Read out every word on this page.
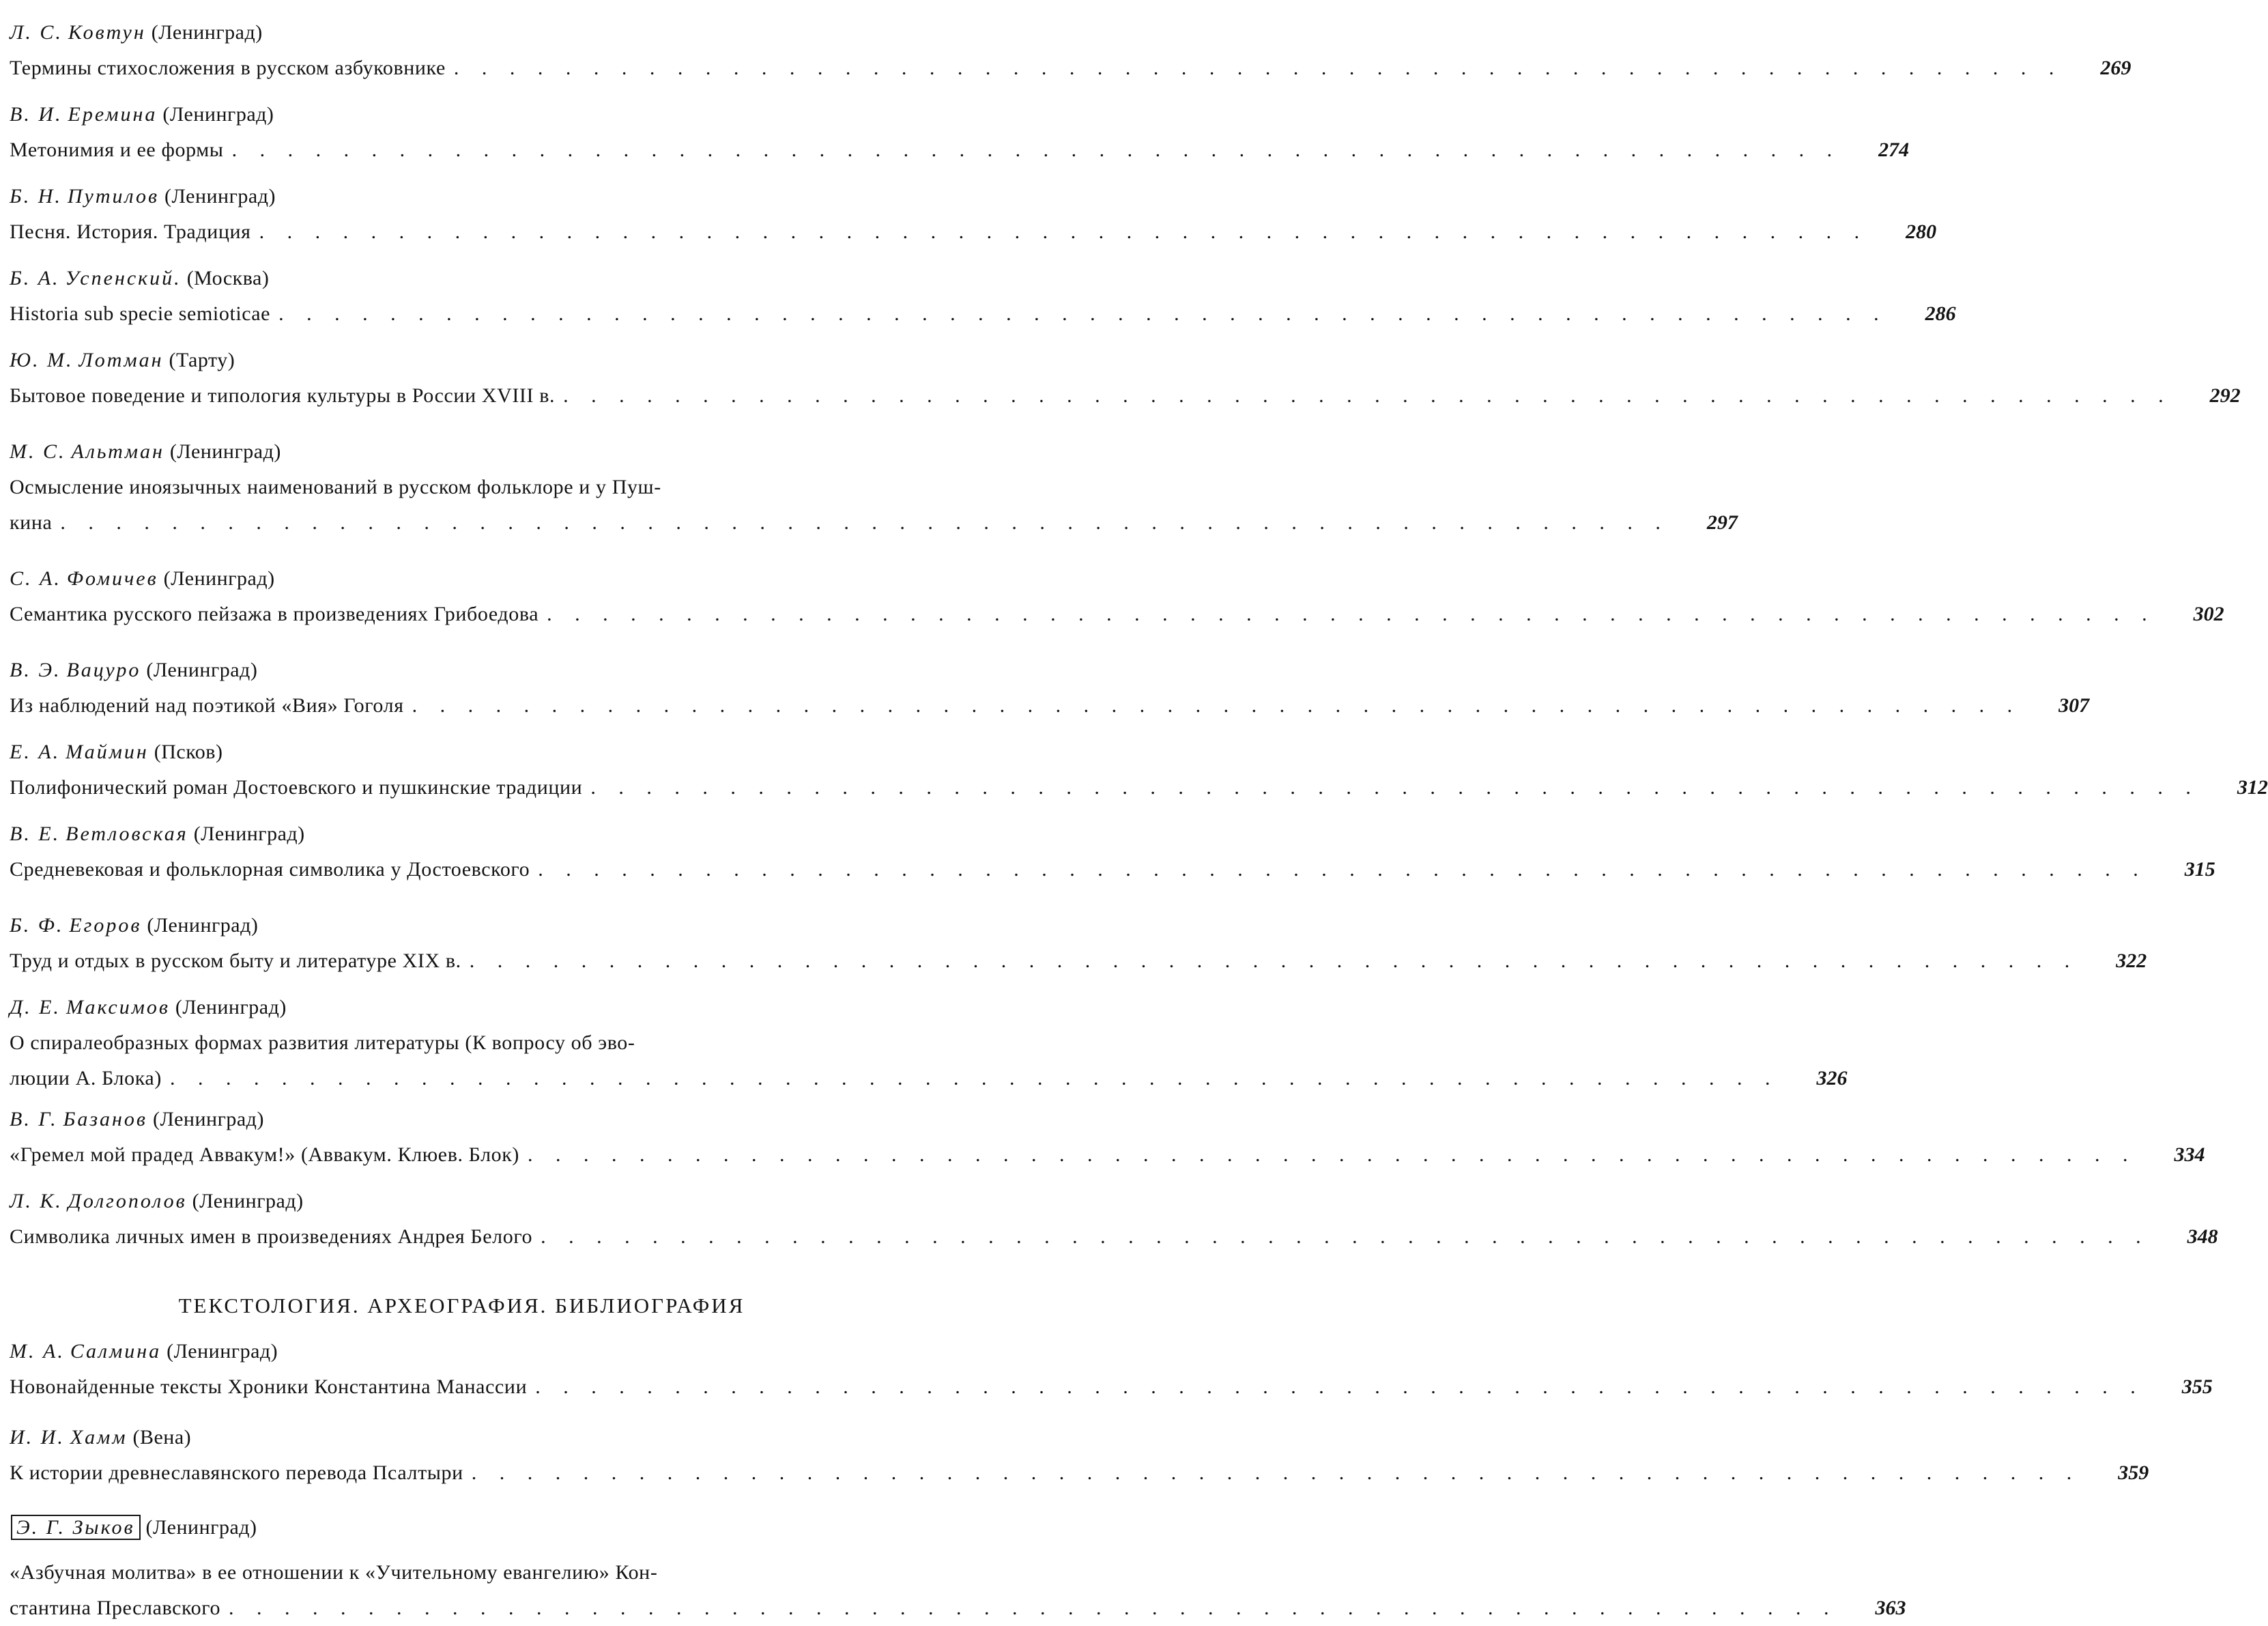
Л. С. Ковтун (Ленинград)
Термины стихосложения в русском азбуковнике . . . . . . . . . . . . . . . . . . . . . . . . . . . . . . . . . . . . . . . . . . . . . . . . . . . . . . . . . .	269
В. И. Еремина (Ленинград)
Метонимия и ее формы . . . . . . . . . . . . . . . . . . . . . . . . . . . . . . . . . . . . . . . . . . . . . . . . . . . . . . . . . .	274
Б. Н. Путилов (Ленинград)
Песня. История. Традиция . . . . . . . . . . . . . . . . . . . . . . . . . . . . . . . . . . . . . . . . . . . . . . . . . . . . . . . . . .	280
Б. А. Успенский. (Москва)
Historia sub specie semioticae . . . . . . . . . . . . . . . . . . . . . . . . . . . . . . . . . . . . . . . . . . . . . . . . . . . . . . . . . .	286
Ю. М. Лотман (Тарту)
Бытовое поведение и типология культуры в России XVIII в. . . . . . . . . . . . . . . . . . . . . . . . . . . . . . . . . . . . . . . . . . . . . . . . . . . . . . . . . . .	292
М. С. Альтман (Ленинград)
Осмысление иноязычных наименований в русском фольклоре и у Пуш-
кина . . . . . . . . . . . . . . . . . . . . . . . . . . . . . . . . . . . . . . . . . . . . . . . . . . . . . . . . . .	297
С. А. Фомичев (Ленинград)
Семантика русского пейзажа в произведениях Грибоедова . . . . . . . . . . . . . . . . . . . . . . . . . . . . . . . . . . . . . . . . . . . . . . . . . . . . . . . . . .	302
В. Э. Вацуро (Ленинград)
Из наблюдений над поэтикой «Вия» Гоголя . . . . . . . . . . . . . . . . . . . . . . . . . . . . . . . . . . . . . . . . . . . . . . . . . . . . . . . . . .	307
Е. А. Маймин (Псков)
Полифонический роман Достоевского и пушкинские традиции . . . . . . . . . . . . . . . . . . . . . . . . . . . . . . . . . . . . . . . . . . . . . . . . . . . . . . . . . .	312
В. Е. Ветловская (Ленинград)
Средневековая и фольклорная символика у Достоевского . . . . . . . . . . . . . . . . . . . . . . . . . . . . . . . . . . . . . . . . . . . . . . . . . . . . . . . . . .	315
Б. Ф. Егоров (Ленинград)
Труд и отдых в русском быту и литературе XIX в. . . . . . . . . . . . . . . . . . . . . . . . . . . . . . . . . . . . . . . . . . . . . . . . . . . . . . . . . . .	322
Д. Е. Максимов (Ленинград)
О спиралеобразных формах развития литературы (К вопросу об эво-
люции А. Блока) . . . . . . . . . . . . . . . . . . . . . . . . . . . . . . . . . . . . . . . . . . . . . . . . . . . . . . . . . .	326
В. Г. Базанов (Ленинград)
«Гремел мой прадед Аввакум!» (Аввакум. Клюев. Блок) . . . . . . . . . . . . . . . . . . . . . . . . . . . . . . . . . . . . . . . . . . . . . . . . . . . . . . . . . .	334
Л. К. Долгополов (Ленинград)
Символика личных имен в произведениях Андрея Белого . . . . . . . . . . . . . . . . . . . . . . . . . . . . . . . . . . . . . . . . . . . . . . . . . . . . . . . . . .	348
ТЕКСТОЛОГИЯ. АРХЕОГРАФИЯ. БИБЛИОГРАФИЯ
М. А. Салмина (Ленинград)
Новонайденные тексты Хроники Константина Манассии . . . . . . . . . . . . . . . . . . . . . . . . . . . . . . . . . . . . . . . . . . . . . . . . . . . . . . . . . .	355
И. И. Хамм (Вена)
К истории древнеславянского перевода Псалтыри . . . . . . . . . . . . . . . . . . . . . . . . . . . . . . . . . . . . . . . . . . . . . . . . . . . . . . . . . .	359
Э. Г. Зыков (Ленинград)
«Азбучная молитва» в ее отношении к «Учительному евангелию» Кон-
стантина Преславского . . . . . . . . . . . . . . . . . . . . . . . . . . . . . . . . . . . . . . . . . . . . . . . . . . . . . . . . . .	363
